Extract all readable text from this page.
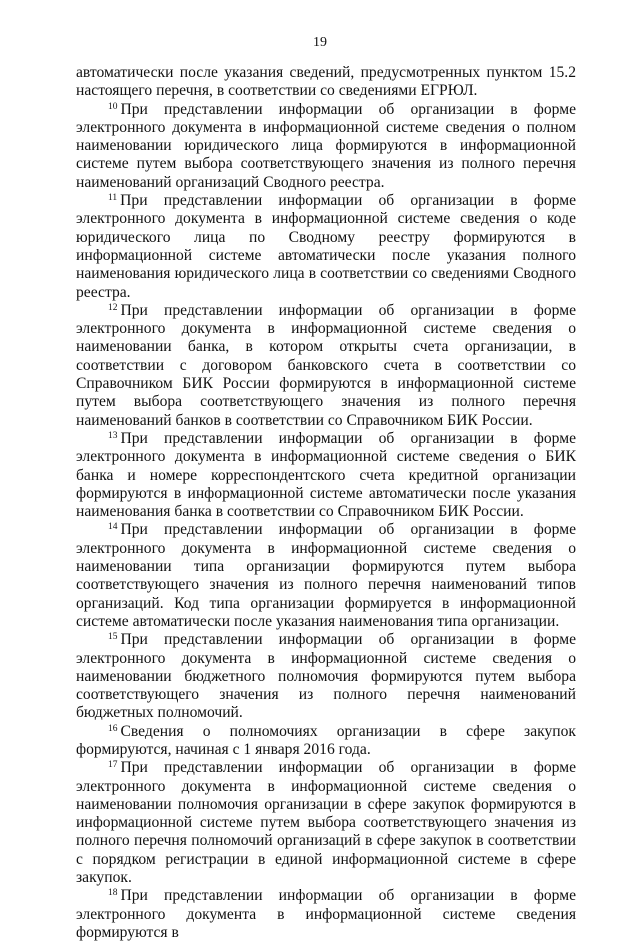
19

автоматически после указания сведений, предусмотренных пунктом 15.2 настоящего перечня, в соответствии со сведениями ЕГРЮЛ.

$^{10}$ При представлении информации об организации в форме электронного документа в информационной системе сведения о полном наименовании юридического лица формируются в информационной системе путем выбора соответствующего значения из полного перечня наименований организаций Сводного реестра.

$^{11}$ При представлении информации об организации в форме электронного документа в информационной системе сведения о коде юридического лица по Сводному реестру формируются в информационной системе автоматически после указания полного наименования юридического лица в соответствии со сведениями Сводного реестра.

$^{12}$ При представлении информации об организации в форме электронного документа в информационной системе сведения о наименовании банка, в котором открыты счета организации, в соответствии с договором банковского счета в соответствии со Справочником БИК России формируются в информационной системе путем выбора соответствующего значения из полного перечня наименований банков в соответствии со Справочником БИК России.

$^{13}$ При представлении информации об организации в форме электронного документа в информационной системе сведения о БИК банка и номере корреспондентского счета кредитной организации формируются в информационной системе автоматически после указания наименования банка в соответствии со Справочником БИК России.

$^{14}$ При представлении информации об организации в форме электронного документа в информационной системе сведения о наименовании типа организации формируются путем выбора соответствующего значения из полного перечня наименований типов организаций. Код типа организации формируется в информационной системе автоматически после указания наименования типа организации.

$^{15}$ При представлении информации об организации в форме электронного документа в информационной системе сведения о наименовании бюджетного полномочия формируются путем выбора соответствующего значения из полного перечня наименований бюджетных полномочий.

$^{16}$ Сведения о полномочиях организации в сфере закупок формируются, начиная с 1 января 2016 года.

$^{17}$ При представлении информации об организации в форме электронного документа в информационной системе сведения о наименовании полномочия организации в сфере закупок формируются в информационной системе путем выбора соответствующего значения из полного перечня полномочий организаций в сфере закупок в соответствии с порядком регистрации в единой информационной системе в сфере закупок.

$^{18}$ При представлении информации об организации в форме электронного документа в информационной системе сведения формируются в
